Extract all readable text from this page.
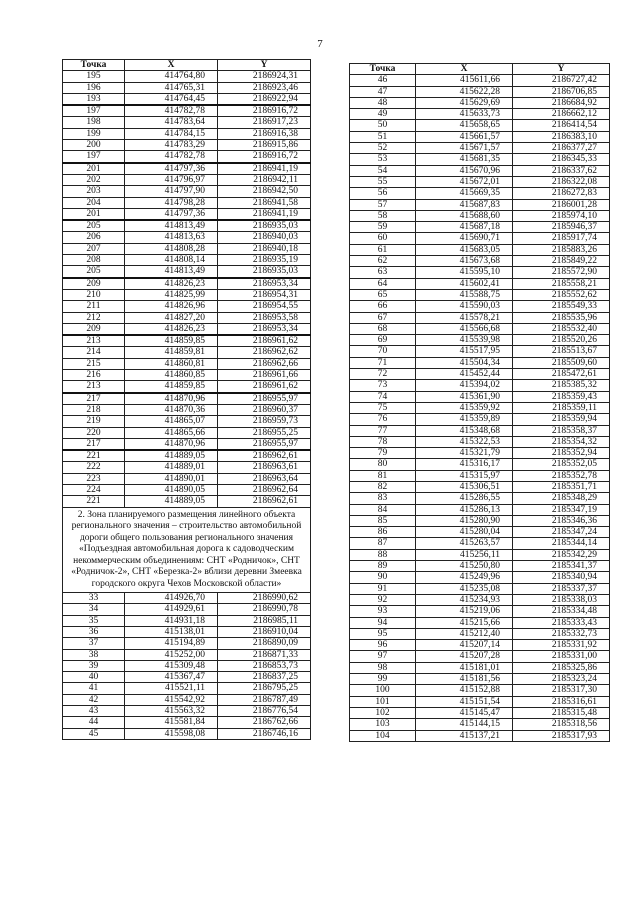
7
Точка	X	Y
195	414764,80	2186924,31
196	414765,31	2186923,46
193	414764,45	2186922,94
197	414782,78	2186916,72
198	414783,64	2186917,23
199	414784,15	2186916,38
200	414783,29	2186915,86
197	414782,78	2186916,72
201	414797,36	2186941,19
202	414796,97	2186942,11
203	414797,90	2186942,50
204	414798,28	2186941,58
201	414797,36	2186941,19
205	414813,49	2186935,03
206	414813,63	2186940,03
207	414808,28	2186940,18
208	414808,14	2186935,19
205	414813,49	2186935,03
209	414826,23	2186953,34
210	414825,99	2186954,31
211	414826,96	2186954,55
212	414827,20	2186953,58
209	414826,23	2186953,34
213	414859,85	2186961,62
214	414859,81	2186962,62
215	414860,81	2186962,66
216	414860,85	2186961,66
213	414859,85	2186961,62
217	414870,96	2186955,97
218	414870,36	2186960,37
219	414865,07	2186959,73
220	414865,66	2186955,25
217	414870,96	2186955,97
221	414889,05	2186962,61
222	414889,01	2186963,61
223	414890,01	2186963,64
224	414890,05	2186962,64
221	414889,05	2186962,61
2. Зона планируемого размещения линейного объекта регионального значения – строительство автомобильной дороги общего пользования регионального значения «Подъездная автомобильная дорога к садоводческим некоммерческим объединениям: СНТ «Родничок», СНТ «Родничок-2», СНТ «Березка-2» вблизи деревни Змеевка городского округа Чехов Московской области»		
33	414926,70	2186990,62
34	414929,61	2186990,78
35	414931,18	2186985,11
36	415138,01	2186910,04
37	415194,89	2186890,09
38	415252,00	2186871,33
39	415309,48	2186853,73
40	415367,47	2186837,25
41	415521,11	2186795,25
42	415542,92	2186787,49
43	415563,32	2186776,54
44	415581,84	2186762,66
45	415598,08	2186746,16
Точка	X	Y
46	415611,66	2186727,42
47	415622,28	2186706,85
48	415629,69	2186684,92
49	415633,73	2186662,12
50	415658,65	2186414,54
51	415661,57	2186383,10
52	415671,57	2186377,27
53	415681,35	2186345,33
54	415670,96	2186337,62
55	415672,01	2186322,08
56	415669,35	2186272,83
57	415687,83	2186001,28
58	415688,60	2185974,10
59	415687,18	2185946,37
60	415690,71	2185917,74
61	415683,05	2185883,26
62	415673,68	2185849,22
63	415595,10	2185572,90
64	415602,41	2185558,21
65	415588,75	2185552,62
66	415590,03	2185549,33
67	415578,21	2185535,96
68	415566,68	2185532,40
69	415539,98	2185520,26
70	415517,95	2185513,67
71	415504,34	2185509,60
72	415452,44	2185472,61
73	415394,02	2185385,32
74	415361,90	2185359,43
75	415359,92	2185359,11
76	415359,89	2185359,94
77	415348,68	2185358,37
78	415322,53	2185354,32
79	415321,79	2185352,94
80	415316,17	2185352,05
81	415315,97	2185352,78
82	415306,51	2185351,71
83	415286,55	2185348,29
84	415286,13	2185347,19
85	415280,90	2185346,36
86	415280,04	2185347,24
87	415263,57	2185344,14
88	415256,11	2185342,29
89	415250,80	2185341,37
90	415249,96	2185340,94
91	415235,08	2185337,37
92	415234,93	2185338,03
93	415219,06	2185334,48
94	415215,66	2185333,43
95	415212,40	2185332,73
96	415207,14	2185331,92
97	415207,28	2185331,00
98	415181,01	2185325,86
99	415181,56	2185323,24
100	415152,88	2185317,30
101	415151,54	2185316,61
102	415145,47	2185315,48
103	415144,15	2185318,56
104	415137,21	2185317,93
